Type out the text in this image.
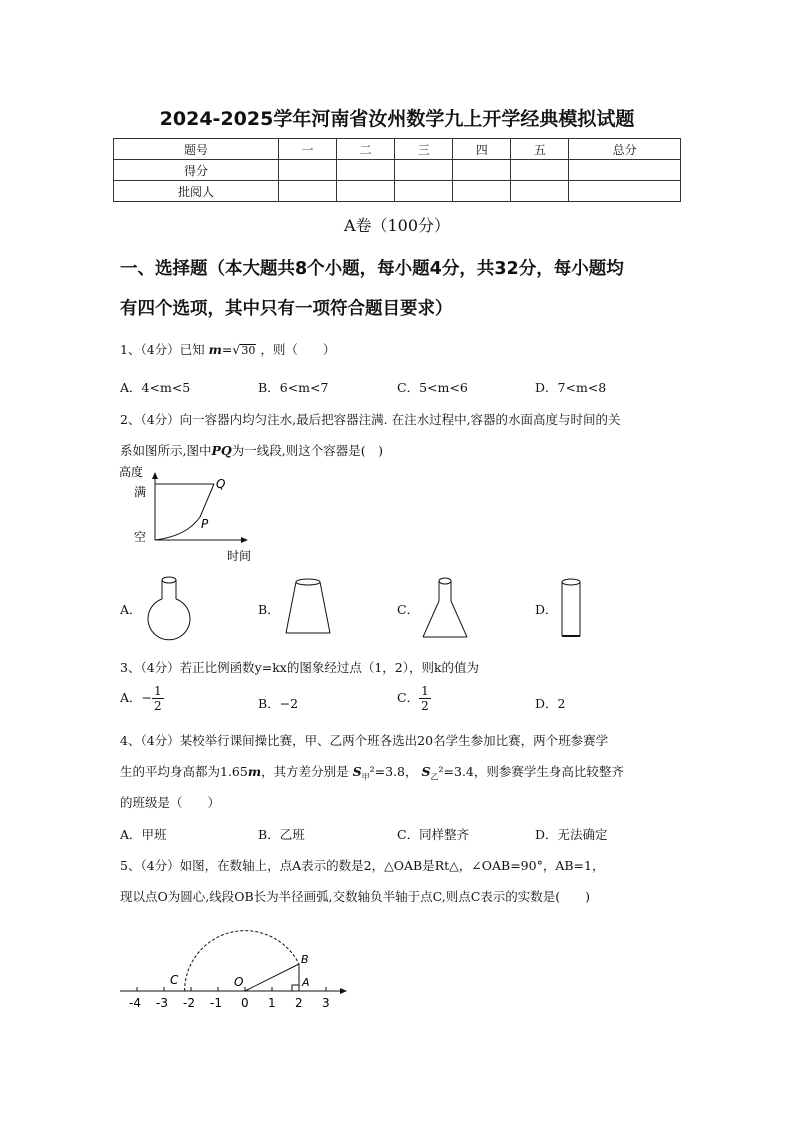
2024-2025学年河南省汝州数学九上开学经典模拟试题
题号	一	二	三	四	五	总分
得分						
批阅人						
A卷（100分）
一、选择题（本大题共8个小题，每小题4分，共32分，每小题均
有四个选项，其中只有一项符合题目要求）
1、（4分）已知 m=√30 ，则（　　）
A．4<m<5	B．6<m<7	C．5<m<6	D．7<m<8
2、（4分）向一容器内均匀注水,最后把容器注满. 在注水过程中,容器的水面高度与时间的关
系如图所示,图中PQ为一线段,则这个容器是(　)
高度
满
空
时间
P
Q
A．	B．	C．	D．
3、（4分）若正比例函数y=kx的图象经过点（1，2），则k的值为
A．− $\frac{1}{2}$	B．−2	C． $\frac{1}{2}$	D．2
4、（4分）某校举行课间操比赛，甲、乙两个班各选出20名学生参加比赛，两个班参赛学
生的平均身高都为1.65m，其方差分别是 $S_甲^2=3.8$， $S_乙^2=3.4$，则参赛学生身高比较整齐
的班级是（　　）
A．甲班	B．乙班	C．同样整齐	D．无法确定
5、（4分）如图，在数轴上，点A表示的数是2，△OAB是Rt△，∠OAB=90°，AB=1，
现以点O为圆心,线段OB长为半径画弧,交数轴负半轴于点C,则点C表示的实数是(　　)
-4 -3 -2 -1 0 1 2 3
C	O	A
B
